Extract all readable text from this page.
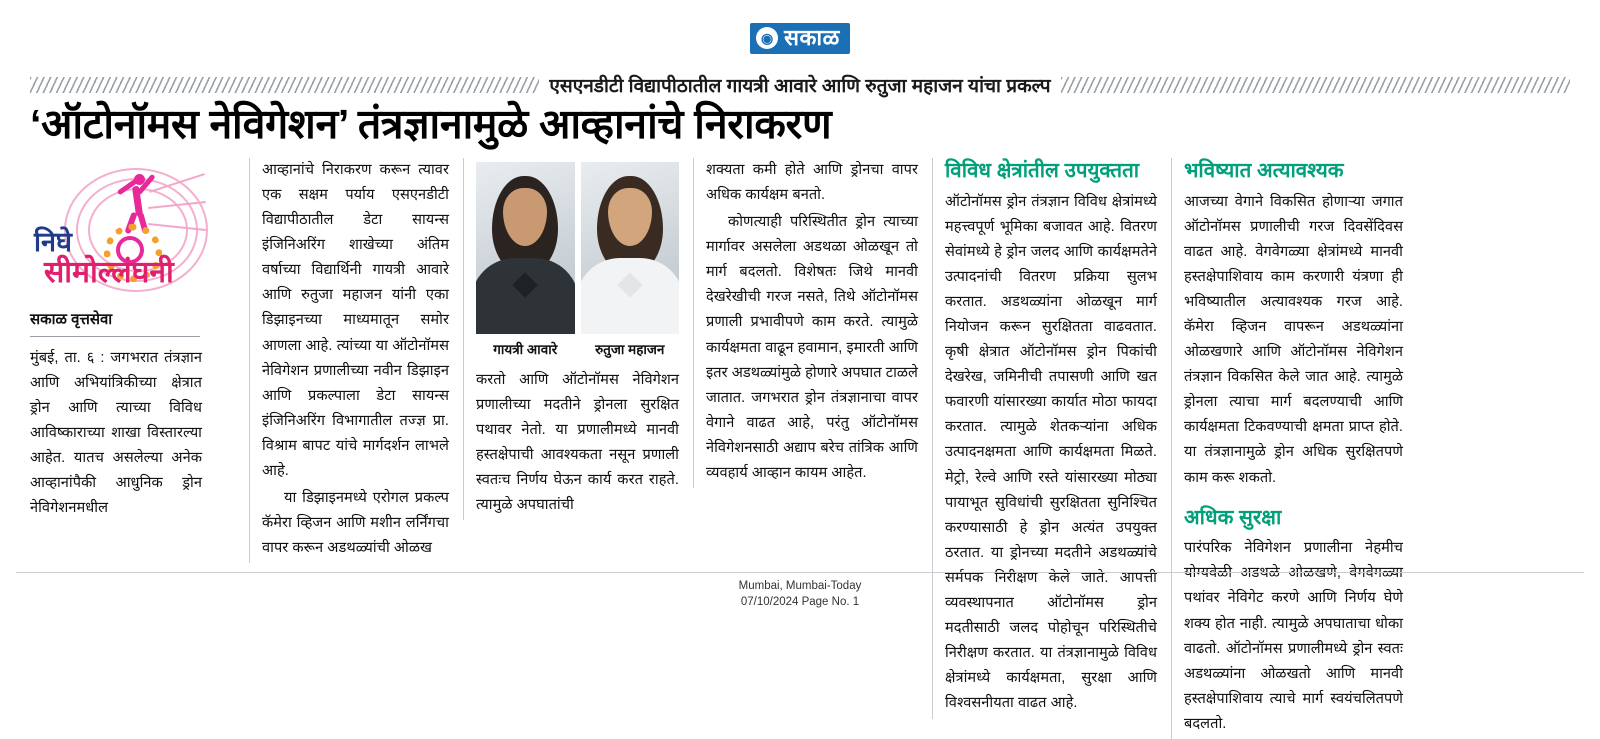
◉ सकाळ
एसएनडीटी विद्यापीठातील गायत्री आवारे आणि रुतुजा महाजन यांचा प्रकल्प
‘ऑटोनॉमस नेविगेशन’ तंत्रज्ञानामुळे आव्हानांचे निराकरण
निघे
सीमोल्लंघनी
सकाळ वृत्तसेवा

मुंबई, ता. ६ : जगभरात तंत्रज्ञान आणि अभियांत्रिकीच्या क्षेत्रात ड्रोन आणि त्याच्या विविध आविष्काराच्या शाखा विस्तारल्या आहेत. यातच असलेल्या अनेक आव्हानांपैकी आधुनिक ड्रोन नेविगेशनमधील

आव्हानांचे निराकरण करून त्यावर एक सक्षम पर्याय एसएनडीटी विद्यापीठातील डेटा सायन्स इंजिनिअरिंग शाखेच्या अंतिम वर्षाच्या विद्यार्थिनी गायत्री आवारे आणि रुतुजा महाजन यांनी एका डिझाइनच्या माध्यमातून समोर आणला आहे. त्यांच्या या ऑटोनॉमस नेविगेशन प्रणालीच्या नवीन डिझाइन आणि प्रकल्पाला डेटा सायन्स इंजिनिअरिंग विभागातील तज्ज्ञ प्रा. विश्राम बापट यांचे मार्गदर्शन लाभले आहे.

या डिझाइनमध्ये एरोगल प्रकल्प कॅमेरा व्हिजन आणि मशीन लर्निंगचा वापर करून अडथळ्यांची ओळख

गायत्री आवारे	रुतुजा महाजन

करतो आणि ऑटोनॉमस नेविगेशन प्रणालीच्या मदतीने ड्रोनला सुरक्षित पथावर नेतो. या प्रणालीमध्ये मानवी हस्तक्षेपाची आवश्यकता नसून प्रणाली स्वतःच निर्णय घेऊन कार्य करत राहते. त्यामुळे अपघातांची

शक्यता कमी होते आणि ड्रोनचा वापर अधिक कार्यक्षम बनतो.

कोणत्याही परिस्थितीत ड्रोन त्याच्या मार्गावर असलेला अडथळा ओळखून तो मार्ग बदलतो. विशेषतः जिथे मानवी देखरेखीची गरज नसते, तिथे ऑटोनॉमस प्रणाली प्रभावीपणे काम करते. त्यामुळे कार्यक्षमता वाढून हवामान, इमारती आणि इतर अडथळ्यांमुळे होणारे अपघात टाळले जातात. जगभरात ड्रोन तंत्रज्ञानाचा वापर वेगाने वाढत आहे, परंतु ऑटोनॉमस नेविगेशनसाठी अद्याप बरेच तांत्रिक आणि व्यवहार्य आव्हान कायम आहेत.

विविध क्षेत्रांतील उपयुक्तता

ऑटोनॉमस ड्रोन तंत्रज्ञान विविध क्षेत्रांमध्ये महत्त्वपूर्ण भूमिका बजावत आहे. वितरण सेवांमध्ये हे ड्रोन जलद आणि कार्यक्षमतेने उत्पादनांची वितरण प्रक्रिया सुलभ करतात. अडथळ्यांना ओळखून मार्ग नियोजन करून सुरक्षितता वाढवतात. कृषी क्षेत्रात ऑटोनॉमस ड्रोन पिकांची देखरेख, जमिनीची तपासणी आणि खत फवारणी यांसारख्या कार्यात मोठा फायदा करतात. त्यामुळे शेतकऱ्यांना अधिक उत्पादनक्षमता आणि कार्यक्षमता मिळते. मेट्रो, रेल्वे आणि रस्ते यांसारख्या मोठ्या पायाभूत सुविधांची सुरक्षितता सुनिश्चित करण्यासाठी हे ड्रोन अत्यंत उपयुक्त ठरतात. या ड्रोनच्या मदतीने अडथळ्यांचे सर्मपक निरीक्षण केले जाते. आपत्ती व्यवस्थापनात ऑटोनॉमस ड्रोन मदतीसाठी जलद पोहोचून परिस्थितीचे निरीक्षण करतात. या तंत्रज्ञानामुळे विविध क्षेत्रांमध्ये कार्यक्षमता, सुरक्षा आणि विश्वसनीयता वाढत आहे.

भविष्यात अत्यावश्यक

आजच्या वेगाने विकसित होणाऱ्या जगात ऑटोनॉमस प्रणालीची गरज दिवसेंदिवस वाढत आहे. वेगवेगळ्या क्षेत्रांमध्ये मानवी हस्तक्षेपाशिवाय काम करणारी यंत्रणा ही भविष्यातील अत्यावश्यक गरज आहे. कॅमेरा व्हिजन वापरून अडथळ्यांना ओळखणारे आणि ऑटोनॉमस नेविगेशन तंत्रज्ञान विकसित केले जात आहे. त्यामुळे ड्रोनला त्याचा मार्ग बदलण्याची आणि कार्यक्षमता टिकवण्याची क्षमता प्राप्त होते. या तंत्रज्ञानामुळे ड्रोन अधिक सुरक्षितपणे काम करू शकतो.

अधिक सुरक्षा

पारंपरिक नेविगेशन प्रणालीना नेहमीच योग्यवेळी अडथळे ओळखणे, वेगवेगळ्या पथांवर नेविगेट करणे आणि निर्णय घेणे शक्य होत नाही. त्यामुळे अपघाताचा धोका वाढतो. ऑटोनॉमस प्रणालीमध्ये ड्रोन स्वतः अडथळ्यांना ओळखतो आणि मानवी हस्तक्षेपाशिवाय त्याचे मार्ग स्वयंचलितपणे बदलतो.

Mumbai, Mumbai-Today
07/10/2024 Page No. 1
